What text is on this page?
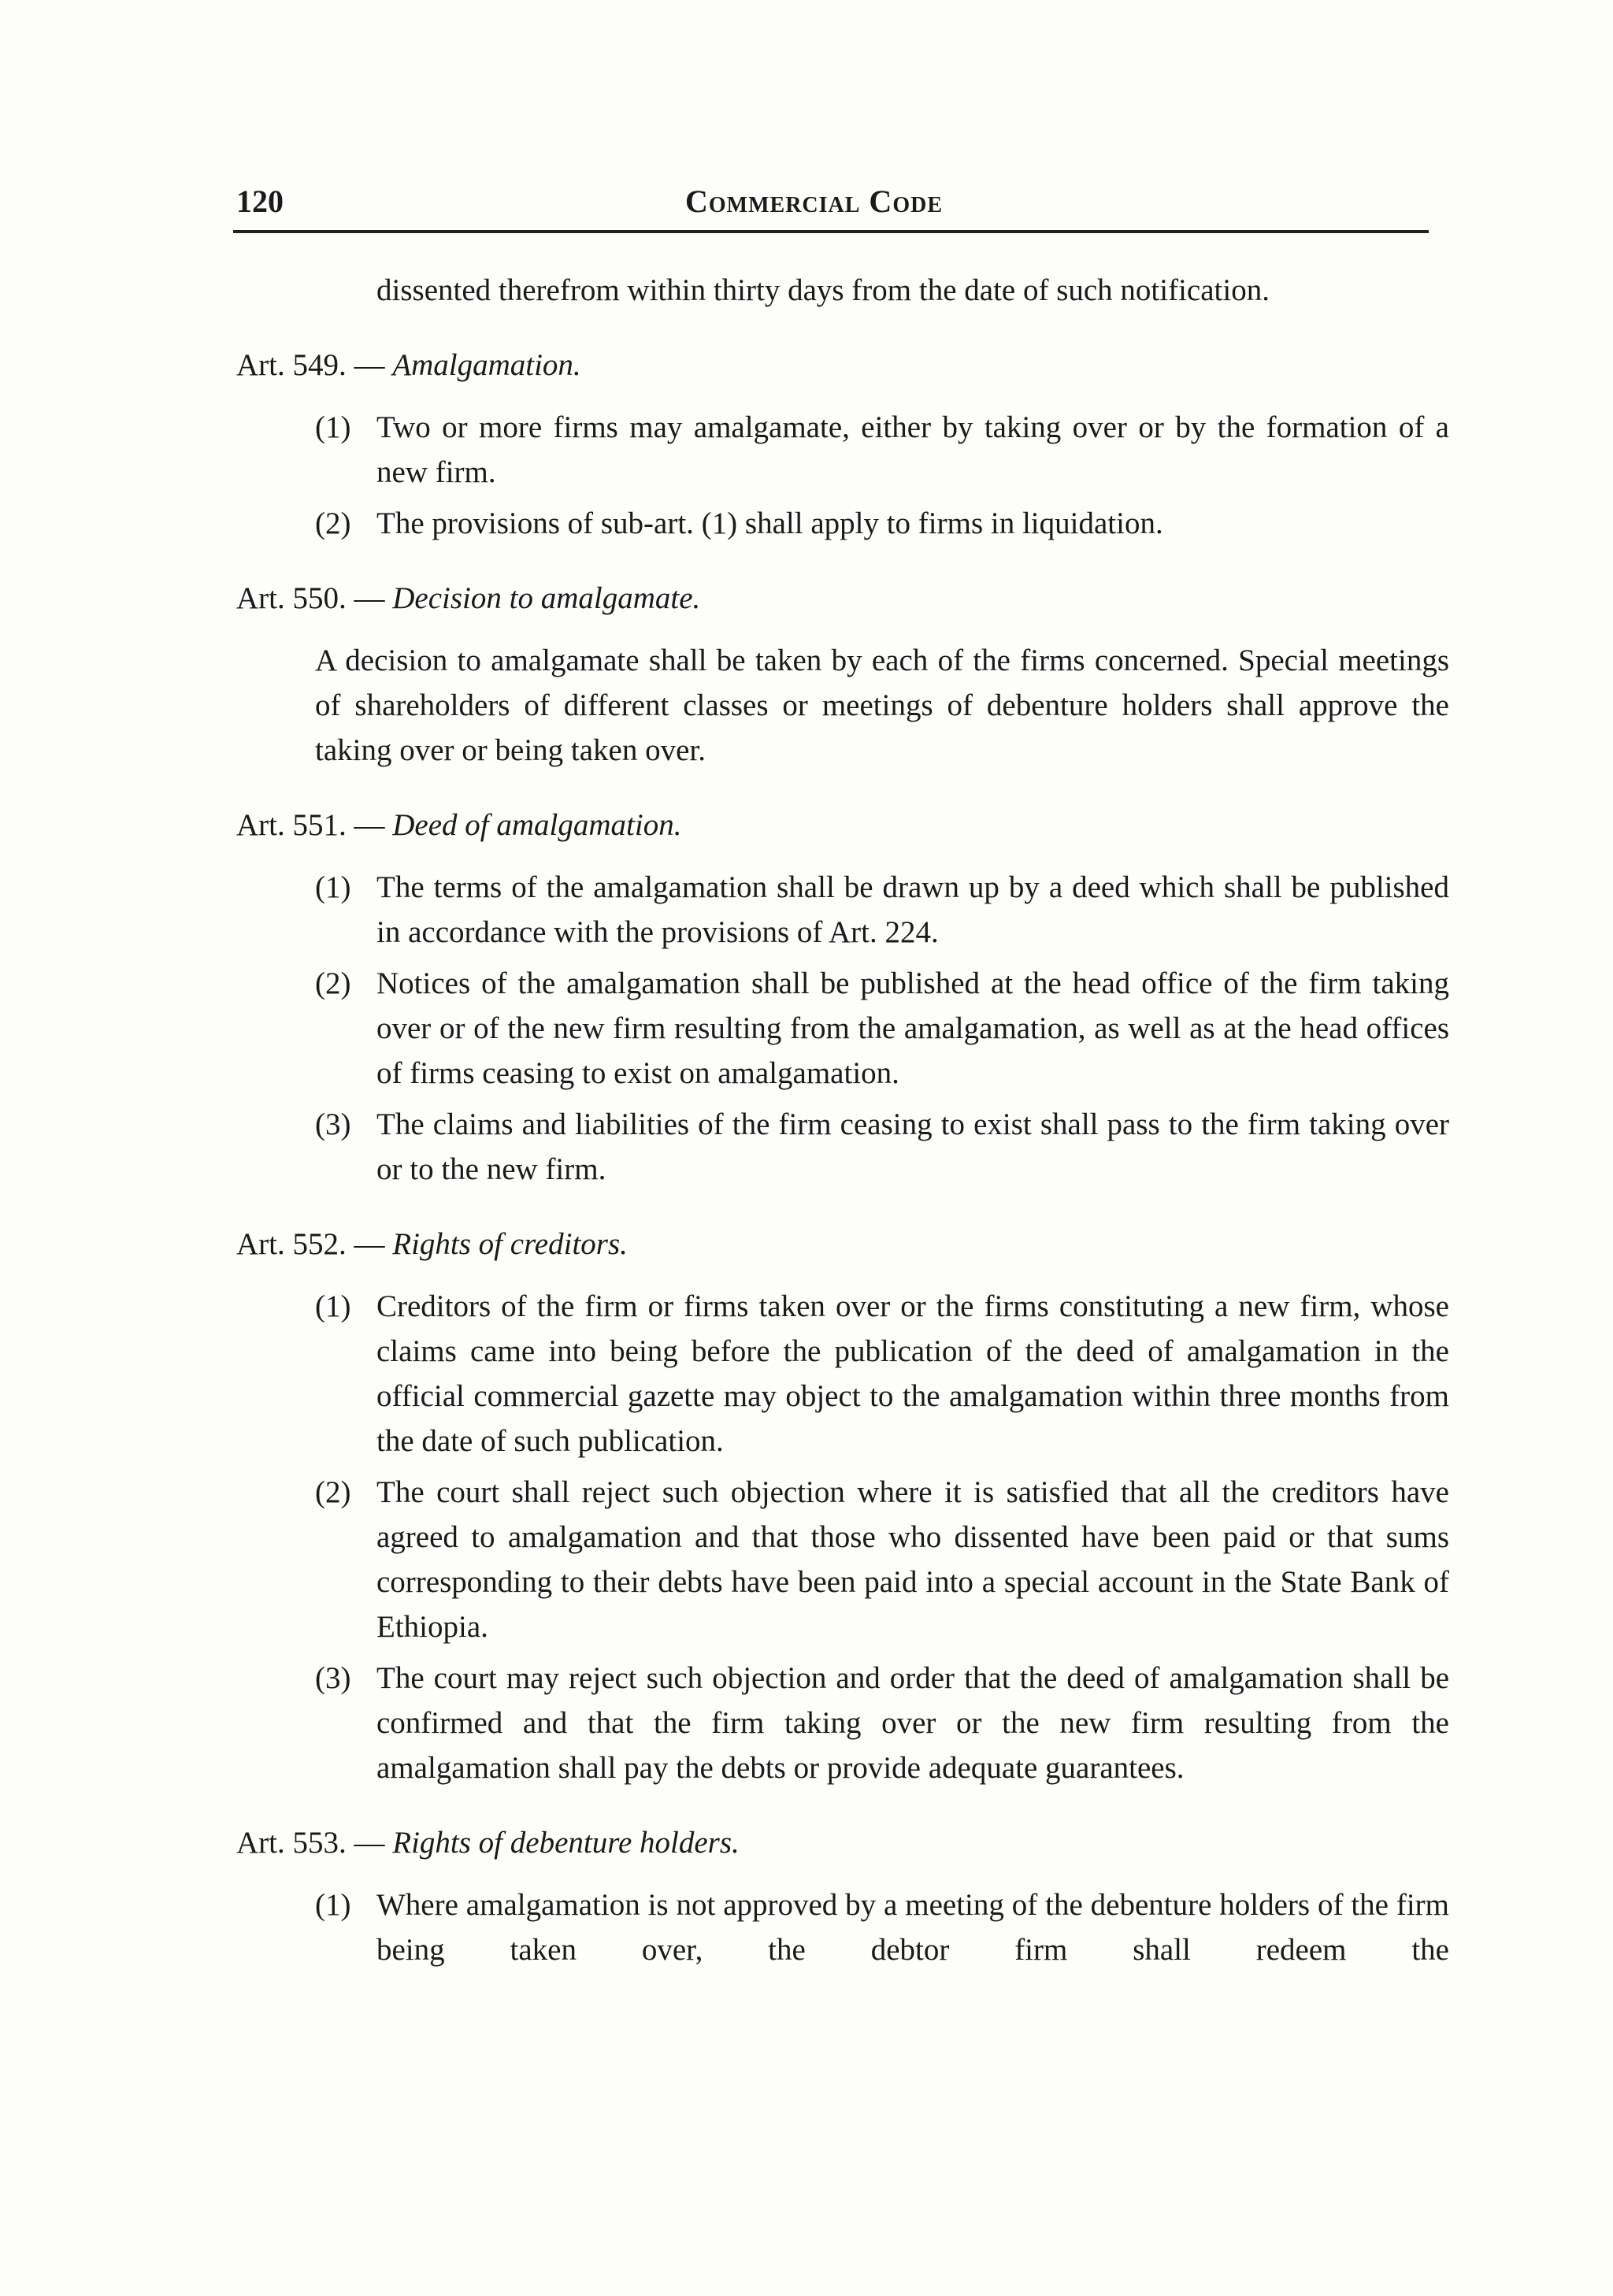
120	Commercial Code

dissented therefrom within thirty days from the date of such notification.

Art. 549. — Amalgamation.

(1) Two or more firms may amalgamate, either by taking over or by the formation of a new firm.
(2) The provisions of sub-art. (1) shall apply to firms in liquidation.

Art. 550. — Decision to amalgamate.

A decision to amalgamate shall be taken by each of the firms concerned. Special meetings of shareholders of different classes or meetings of debenture holders shall approve the taking over or being taken over.

Art. 551. — Deed of amalgamation.

(1) The terms of the amalgamation shall be drawn up by a deed which shall be published in accordance with the provisions of Art. 224.
(2) Notices of the amalgamation shall be published at the head office of the firm taking over or of the new firm resulting from the amalgamation, as well as at the head offices of firms ceasing to exist on amalgamation.
(3) The claims and liabilities of the firm ceasing to exist shall pass to the firm taking over or to the new firm.

Art. 552. — Rights of creditors.

(1) Creditors of the firm or firms taken over or the firms constituting a new firm, whose claims came into being before the publication of the deed of amalgamation in the official commercial gazette may object to the amalgamation within three months from the date of such publication.
(2) The court shall reject such objection where it is satisfied that all the creditors have agreed to amalgamation and that those who dissented have been paid or that sums corresponding to their debts have been paid into a special account in the State Bank of Ethiopia.
(3) The court may reject such objection and order that the deed of amalgamation shall be confirmed and that the firm taking over or the new firm resulting from the amalgamation shall pay the debts or provide adequate guarantees.

Art. 553. — Rights of debenture holders.

(1) Where amalgamation is not approved by a meeting of the debenture holders of the firm being taken over, the debtor firm shall redeem the
